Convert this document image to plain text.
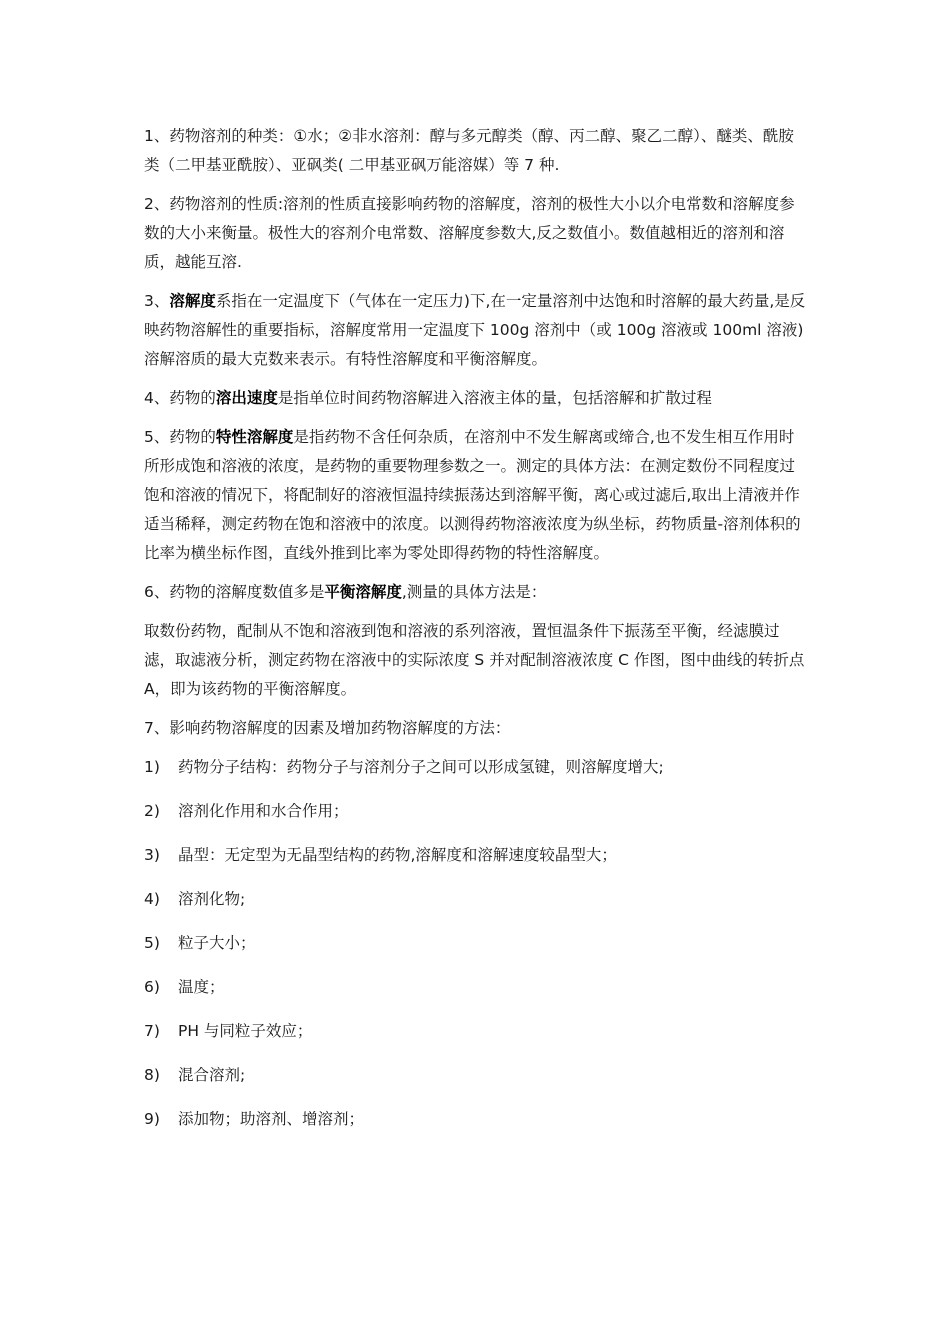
1、药物溶剂的种类：①水；②非水溶剂：醇与多元醇类（醇、丙二醇、聚乙二醇）、醚类、酰胺类（二甲基亚酰胺）、亚砜类( 二甲基亚砜万能溶媒）等 7 种.

2、药物溶剂的性质:溶剂的性质直接影响药物的溶解度，溶剂的极性大小以介电常数和溶解度参数的大小来衡量。极性大的容剂介电常数、溶解度参数大,反之数值小。数值越相近的溶剂和溶质，越能互溶.

3、溶解度系指在一定温度下（气体在一定压力)下,在一定量溶剂中达饱和时溶解的最大药量,是反映药物溶解性的重要指标，溶解度常用一定温度下 100g 溶剂中（或 100g 溶液或 100ml 溶液)溶解溶质的最大克数来表示。有特性溶解度和平衡溶解度。

4、药物的溶出速度是指单位时间药物溶解进入溶液主体的量，包括溶解和扩散过程

5、药物的特性溶解度是指药物不含任何杂质，在溶剂中不发生解离或缔合,也不发生相互作用时所形成饱和溶液的浓度，是药物的重要物理参数之一。测定的具体方法：在测定数份不同程度过饱和溶液的情况下，将配制好的溶液恒温持续振荡达到溶解平衡，离心或过滤后,取出上清液并作适当稀释，测定药物在饱和溶液中的浓度。以测得药物溶液浓度为纵坐标，药物质量-溶剂体积的比率为横坐标作图，直线外推到比率为零处即得药物的特性溶解度。

6、药物的溶解度数值多是平衡溶解度,测量的具体方法是：

取数份药物，配制从不饱和溶液到饱和溶液的系列溶液，置恒温条件下振荡至平衡，经滤膜过滤，取滤液分析，测定药物在溶液中的实际浓度 S 并对配制溶液浓度 C 作图，图中曲线的转折点 A，即为该药物的平衡溶解度。

7、影响药物溶解度的因素及增加药物溶解度的方法：

1)	药物分子结构：药物分子与溶剂分子之间可以形成氢键，则溶解度增大;
2)	溶剂化作用和水合作用；
3)	晶型：无定型为无晶型结构的药物,溶解度和溶解速度较晶型大；
4)	溶剂化物;
5)	粒子大小；
6)	温度；
7)	PH 与同粒子效应；
8)	混合溶剂;
9)	添加物；助溶剂、增溶剂；
